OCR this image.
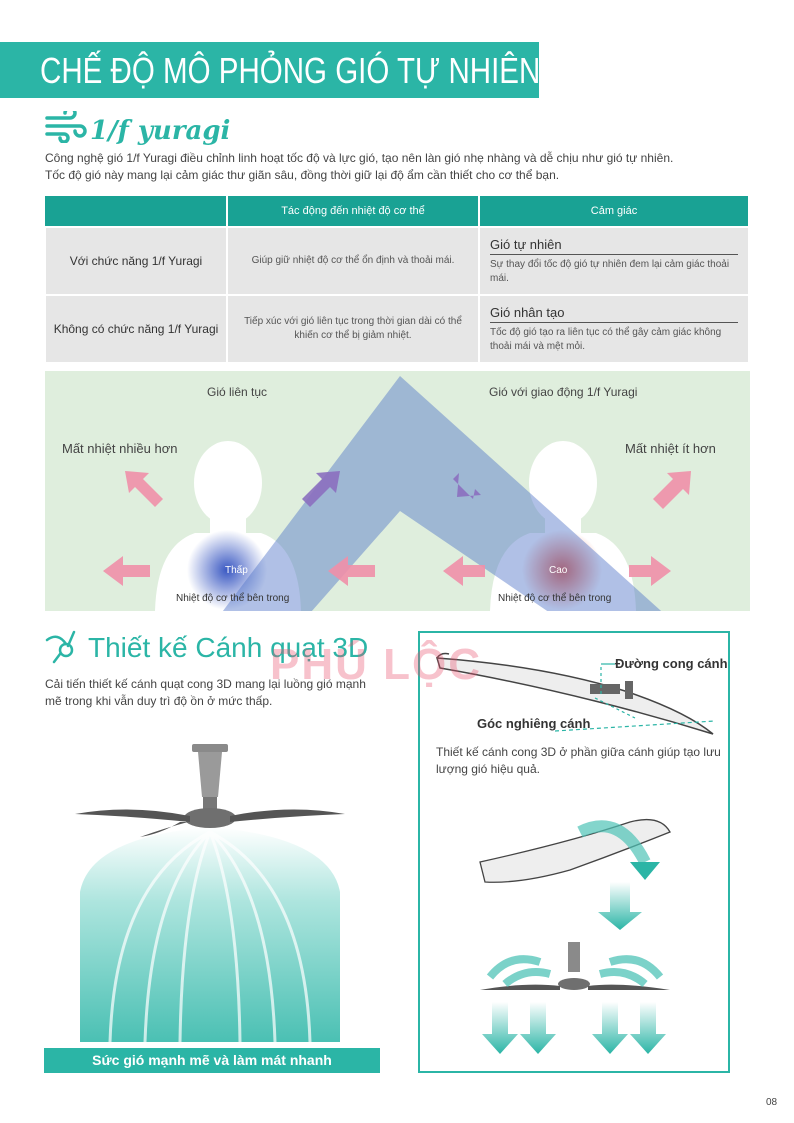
CHẾ ĐỘ MÔ PHỎNG GIÓ TỰ NHIÊN
1/f yuragi
Công nghệ gió 1/f Yuragi điều chỉnh linh hoạt tốc độ và lực gió, tạo nên làn gió nhẹ nhàng và dễ chịu như gió tự nhiên.
Tốc độ gió này mang lại cảm giác thư giãn sâu, đồng thời giữ lại độ ẩm cần thiết cho cơ thể bạn.
	Tác động đến nhiệt độ cơ thể	Cảm giác
Với chức năng 1/f Yuragi	Giúp giữ nhiệt độ cơ thể ổn định và thoải mái.	Gió tự nhiên
Sự thay đổi tốc độ gió tự nhiên đem lại cảm giác thoải mái.

Không có chức năng 1/f Yuragi	Tiếp xúc với gió liên tục trong thời gian dài có thể khiến cơ thể bị giảm nhiệt.	Gió nhân tạo
Tốc độ gió tạo ra liên tục có thể gây cảm giác không thoải mái và mệt mỏi.
Gió liên tục	Gió với giao động 1/f Yuragi
Mất nhiệt nhiều hơn	Mất nhiệt ít hơn
Thấp	Cao
Nhiệt độ cơ thể bên trong	Nhiệt độ cơ thể bên trong
Thiết kế Cánh quạt 3D
Cải tiến thiết kế cánh quạt cong 3D mang lại luồng gió mạnh mẽ trong khi vẫn duy trì độ ồn ở mức thấp.
Sức gió mạnh mẽ và làm mát nhanh
Đường cong cánh
Góc nghiêng cánh
Thiết kế cánh cong 3D ở phần giữa cánh giúp tạo lưu lượng gió hiệu quả.
PHÚ LỘC
08
